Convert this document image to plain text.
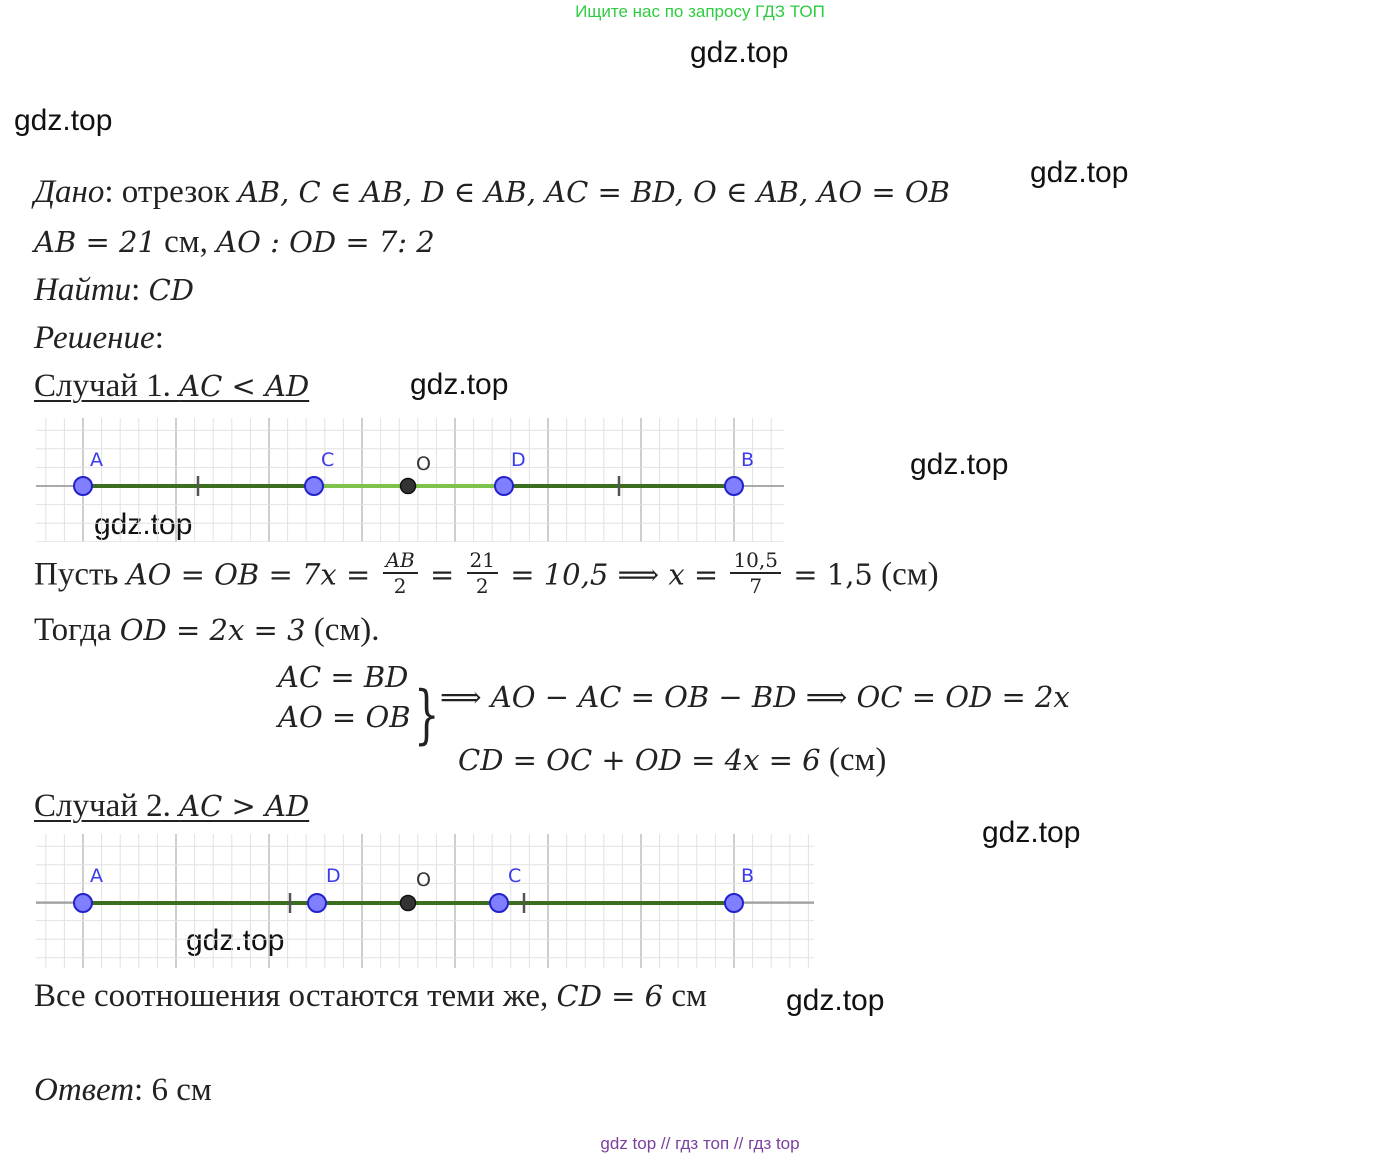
Ищите нас по запросу ГДЗ ТОП
gdz.top
gdz.top
gdz.top
gdz.top
gdz.top
gdz.top
gdz.top
gdz.top
gdz.top
Дано: отрезок AB, C ∈ AB, D ∈ AB, AC = BD, O ∈ AB, AO = OB
AB = 21 см, AO : OD = 7: 2
Найти: CD
Решение:
Случай 1. AC < AD
A	C	O	D	B
Пусть AO = OB = $7x = \frac{AB}{2} = \frac{21}{2} = 10,5$ ⟹ $x = \frac{10,5}{7} = 1,5$ (см)
Тогда OD = 2x = 3 (см).
AC = BD
AO = OB } ⟹ AO − AC = OB − BD ⟹ OC = OD = 2x
CD = OC + OD = 4x = 6 (см)
Случай 2. AC > AD
A	D	O	C	B
Все соотношения остаются теми же, CD = 6 см
Ответ: 6 см
gdz top // гдз топ // гдз top
